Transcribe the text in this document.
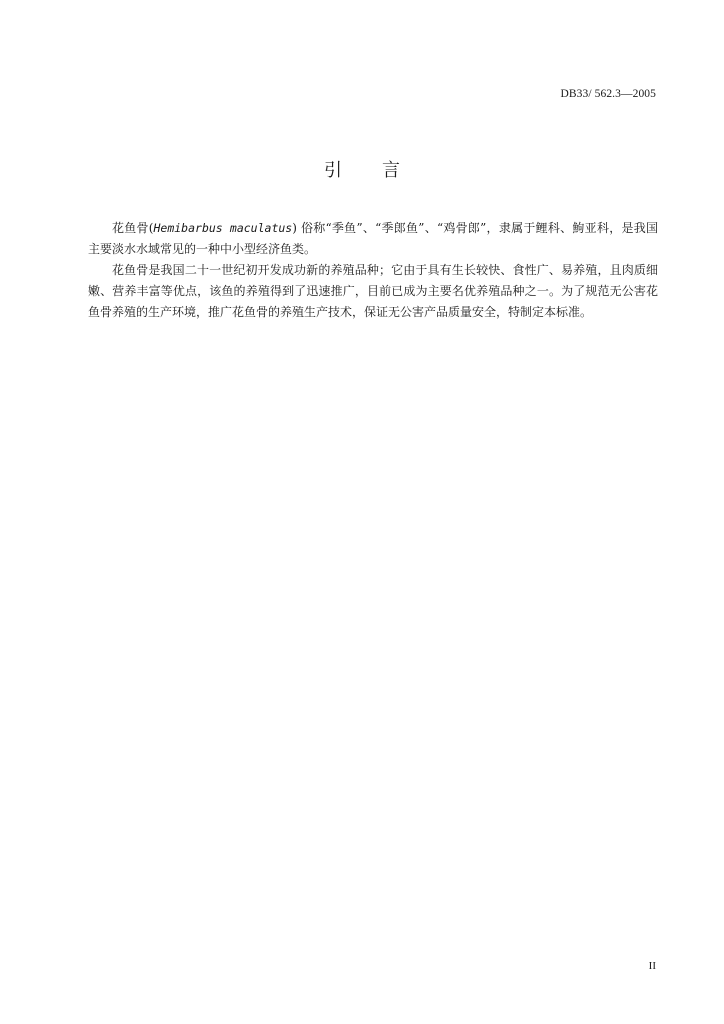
DB33/ 562.3—2005
引 言

花鱼骨(Hemibarbus maculatus) 俗称“季鱼”、“季郎鱼”、“鸡骨郎”，隶属于鲤科、鮈亚科，是我国主要淡水水域常见的一种中小型经济鱼类。

花鱼骨是我国二十一世纪初开发成功新的养殖品种；它由于具有生长较快、食性广、易养殖，且肉质细嫩、营养丰富等优点，该鱼的养殖得到了迅速推广，目前已成为主要名优养殖品种之一。为了规范无公害花鱼骨养殖的生产环境，推广花鱼骨的养殖生产技术，保证无公害产品质量安全，特制定本标准。

II
